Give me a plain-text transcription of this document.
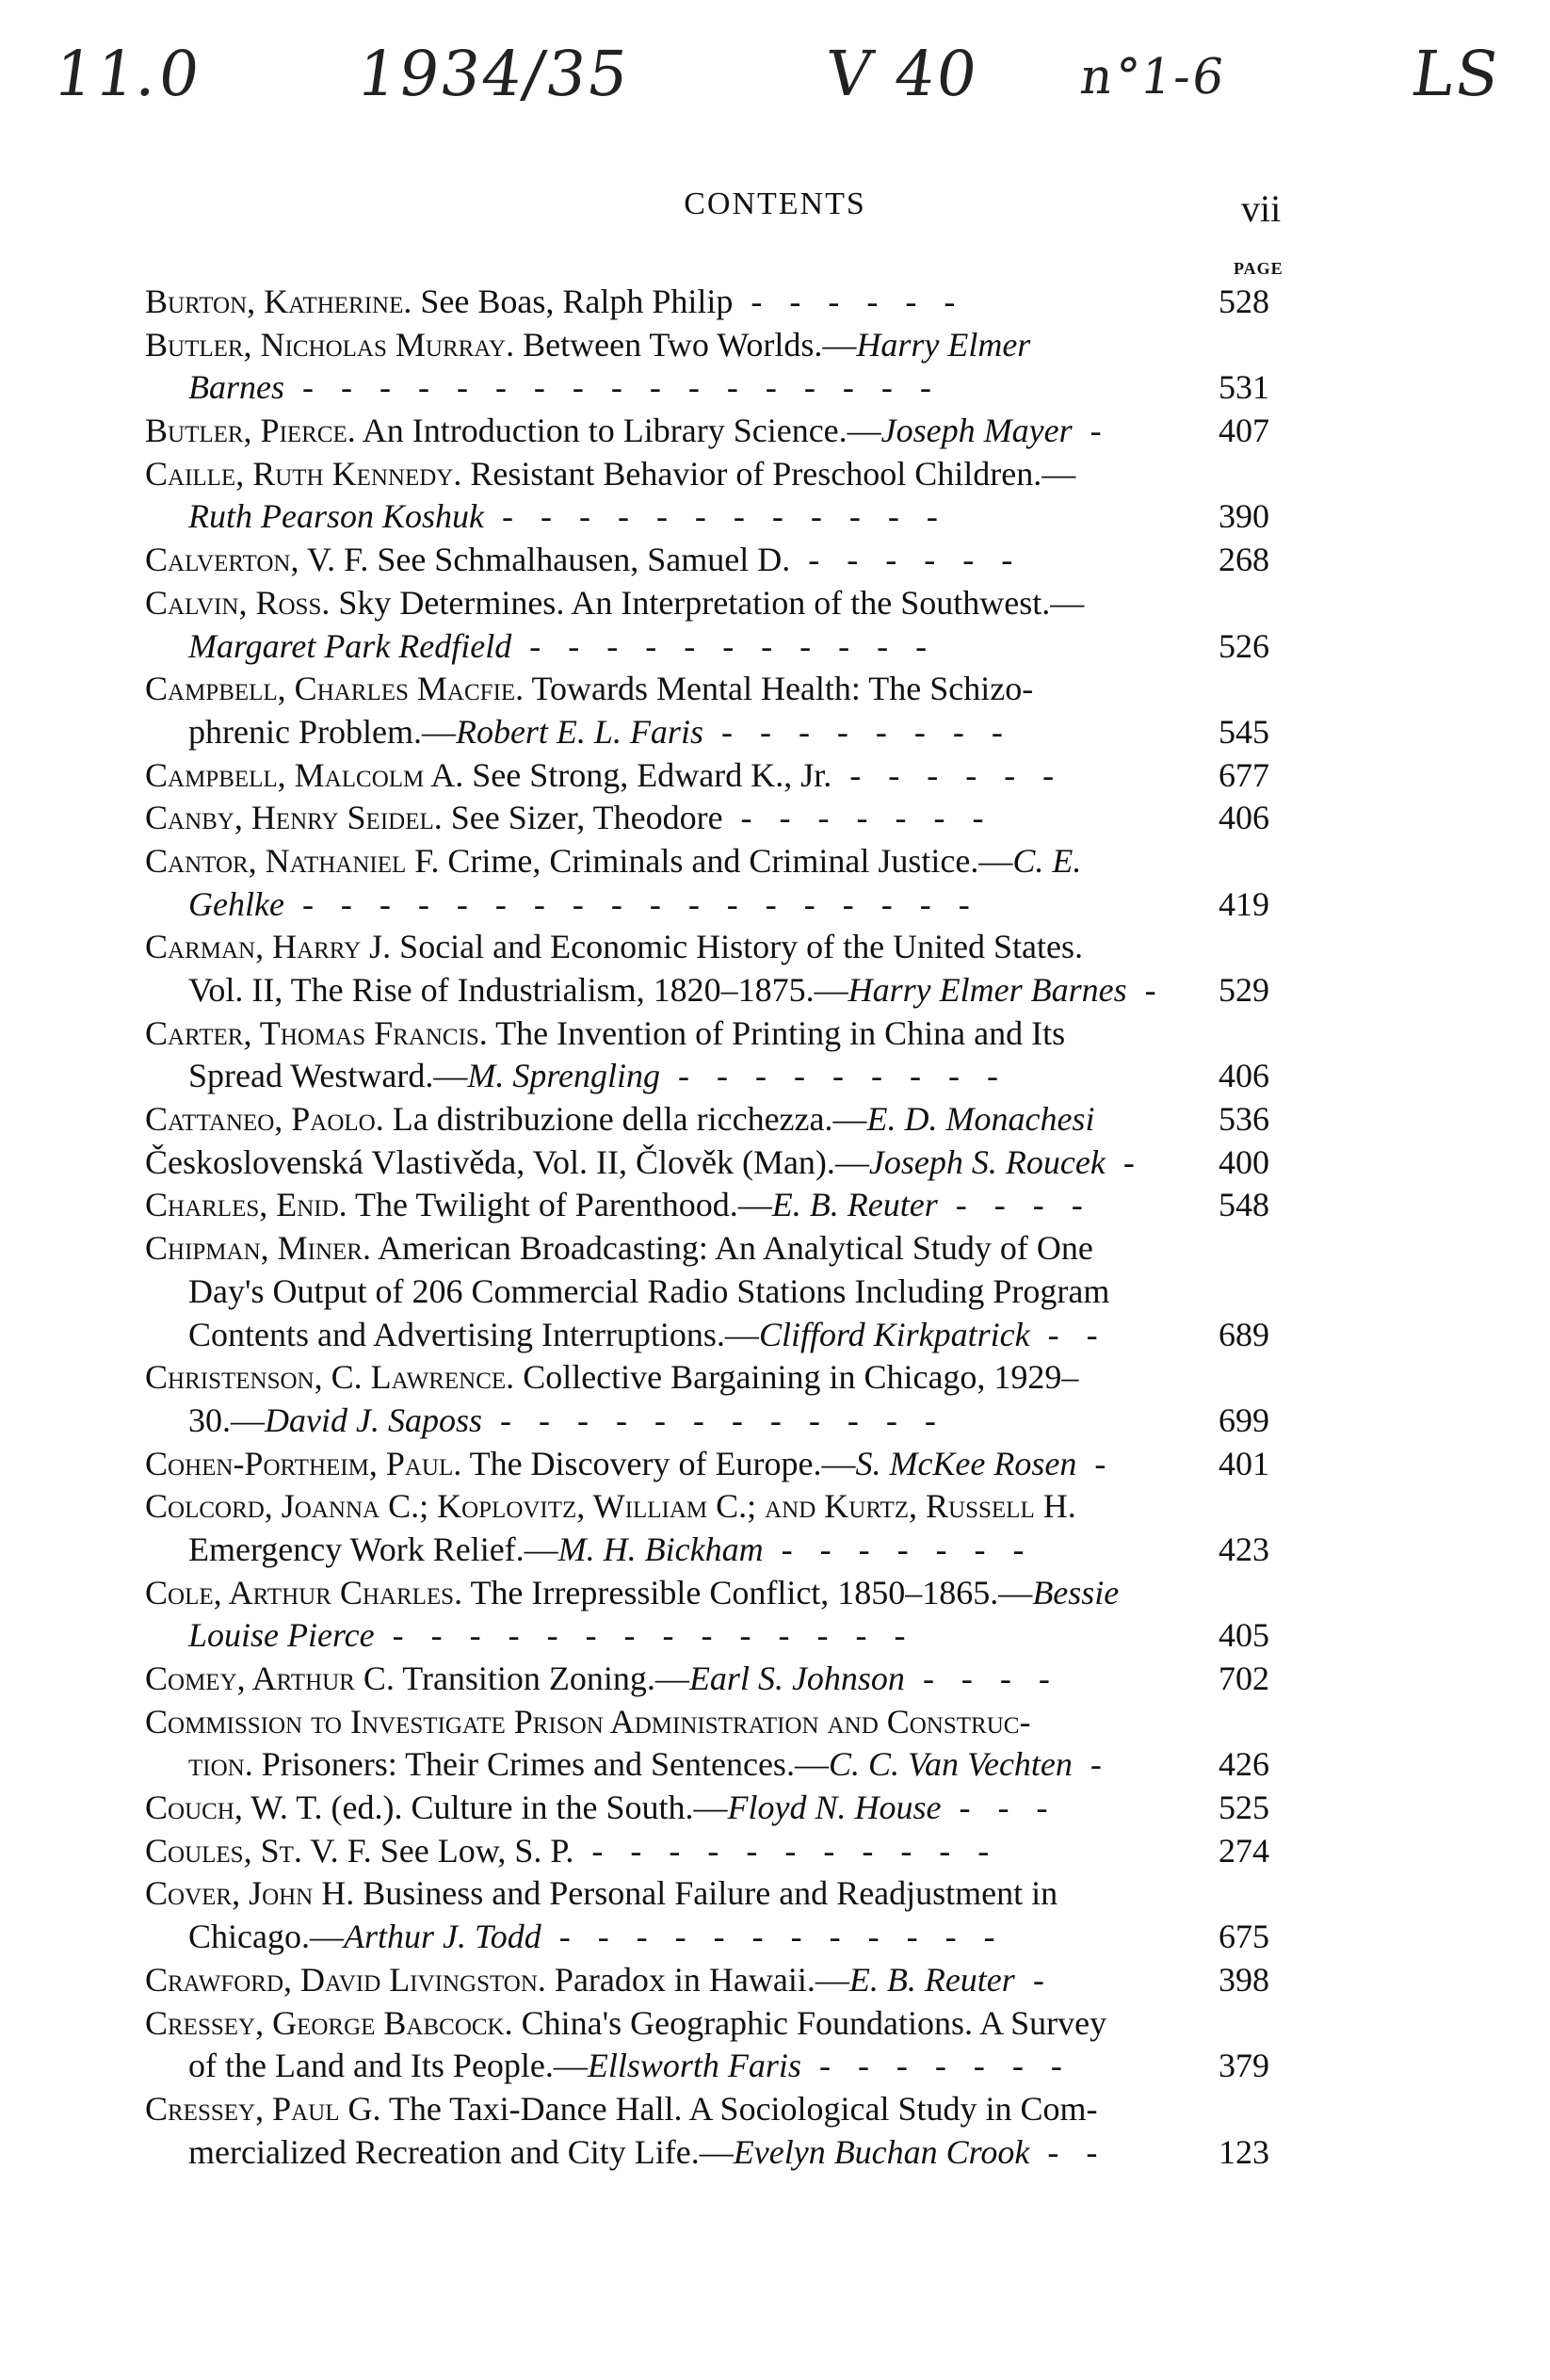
11.0 1934/35	V 40 n°1-6	LS
CONTENTS	vii
PAGE
Burton, Katherine. See Boas, Ralph Philip - - - - - -	528
Butler, Nicholas Murray. Between Two Worlds.—Harry Elmer
Barnes - - - - - - - - - - - - - - - - -	531
Butler, Pierce. An Introduction to Library Science.—Joseph Mayer -	407
Caille, Ruth Kennedy. Resistant Behavior of Preschool Children.—
Ruth Pearson Koshuk - - - - - - - - - - - -	390
Calverton, V. F. See Schmalhausen, Samuel D. - - - - - -	268
Calvin, Ross. Sky Determines. An Interpretation of the Southwest.—
Margaret Park Redfield - - - - - - - - - - -	526
Campbell, Charles Macfie. Towards Mental Health: The Schizo-
phrenic Problem.—Robert E. L. Faris - - - - - - - -	545
Campbell, Malcolm A. See Strong, Edward K., Jr. - - - - - -	677
Canby, Henry Seidel. See Sizer, Theodore - - - - - - -	406
Cantor, Nathaniel F. Crime, Criminals and Criminal Justice.—C. E.
Gehlke - - - - - - - - - - - - - - - - - -	419
Carman, Harry J. Social and Economic History of the United States.
Vol. II, The Rise of Industrialism, 1820–1875.—Harry Elmer Barnes - 529
Carter, Thomas Francis. The Invention of Printing in China and Its
Spread Westward.—M. Sprengling - - - - - - - - -	406
Cattaneo, Paolo. La distribuzione della ricchezza.—E. D. Monachesi	536
Československá Vlastivěda, Vol. II, Člověk (Man).—Joseph S. Roucek - 400
Charles, Enid. The Twilight of Parenthood.—E. B. Reuter - - - -	548
Chipman, Miner. American Broadcasting: An Analytical Study of One
Day's Output of 206 Commercial Radio Stations Including Program
Contents and Advertising Interruptions.—Clifford Kirkpatrick - -	689
Christenson, C. Lawrence. Collective Bargaining in Chicago, 1929–
30.—David J. Saposs - - - - - - - - - - - -	699
Cohen-Portheim, Paul. The Discovery of Europe.—S. McKee Rosen -	401
Colcord, Joanna C.; Koplovitz, William C.; and Kurtz, Russell H.
Emergency Work Relief.—M. H. Bickham - - - - - - -	423
Cole, Arthur Charles. The Irrepressible Conflict, 1850–1865.—Bessie
Louise Pierce - - - - - - - - - - - - - -	405
Comey, Arthur C. Transition Zoning.—Earl S. Johnson - - - -	702
Commission to Investigate Prison Administration and Construc-
tion. Prisoners: Their Crimes and Sentences.—C. C. Van Vechten -	426
Couch, W. T. (ed.). Culture in the South.—Floyd N. House - - -	525
Coules, St. V. F. See Low, S. P. - - - - - - - - - - -	274
Cover, John H. Business and Personal Failure and Readjustment in
Chicago.—Arthur J. Todd - - - - - - - - - - - -	675
Crawford, David Livingston. Paradox in Hawaii.—E. B. Reuter -	398
Cressey, George Babcock. China's Geographic Foundations. A Survey
of the Land and Its People.—Ellsworth Faris - - - - - - -	379
Cressey, Paul G. The Taxi-Dance Hall. A Sociological Study in Com-
mercialized Recreation and City Life.—Evelyn Buchan Crook - -	123
